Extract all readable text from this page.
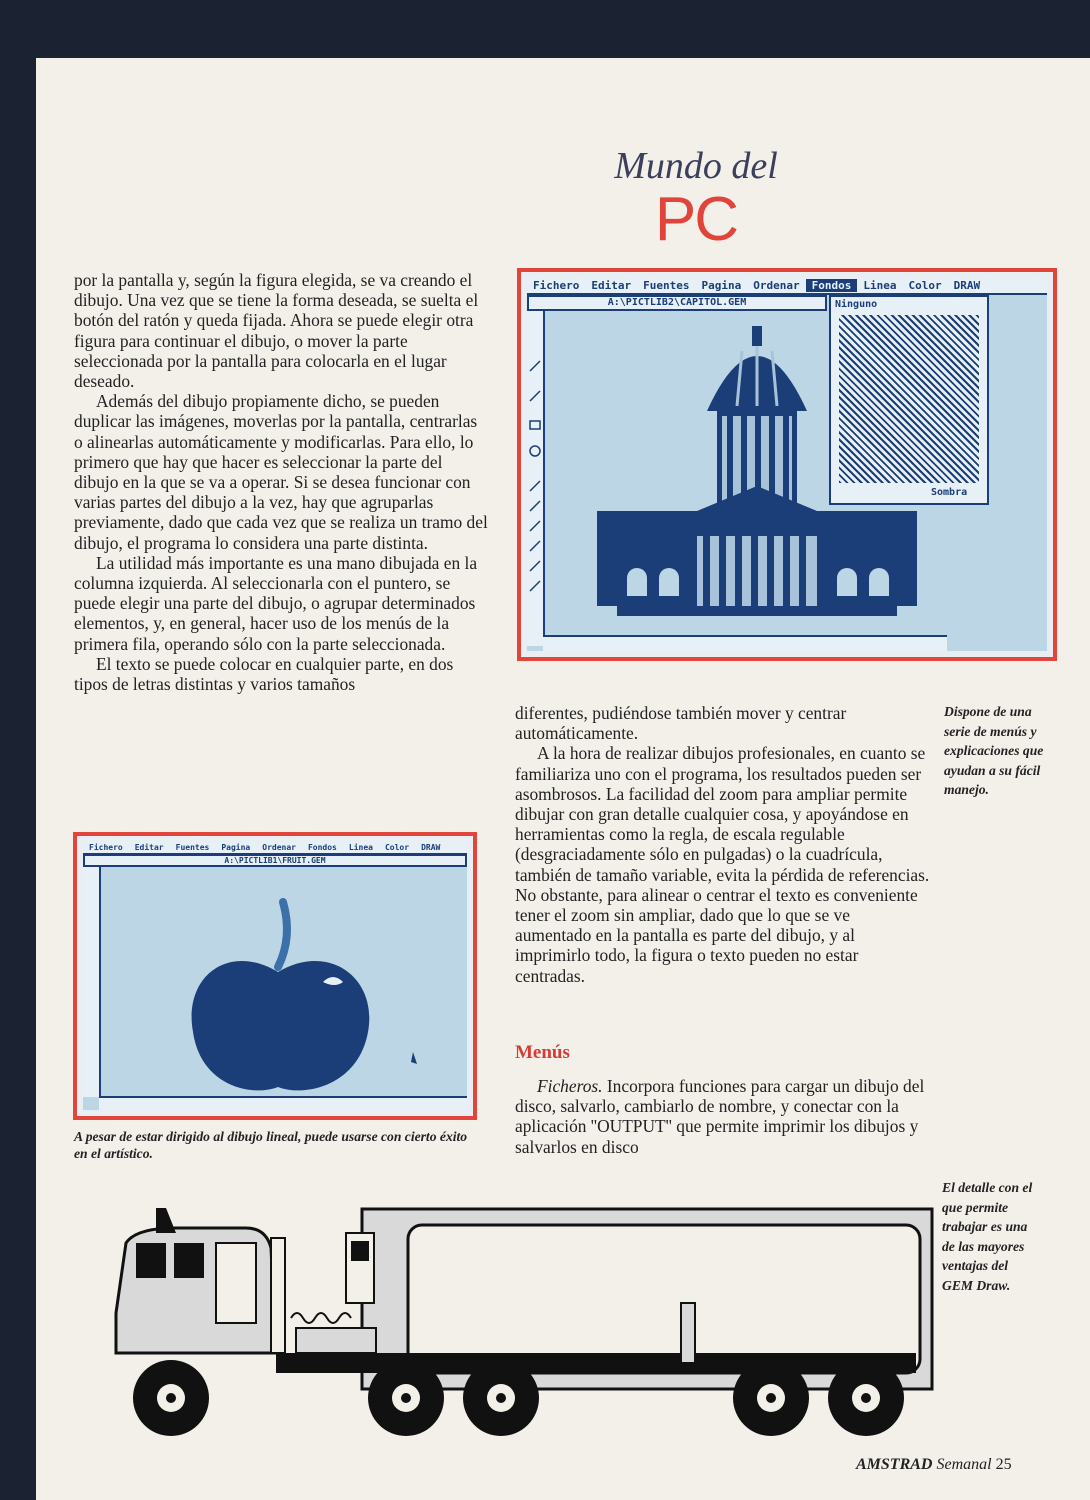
Mundo del
PC

por la pantalla y, según la figura elegida, se va creando el dibujo. Una vez que se tiene la forma deseada, se suelta el botón del ratón y queda fijada. Ahora se puede elegir otra figura para continuar el dibujo, o mover la parte seleccionada por la pantalla para colocarla en el lugar deseado.

Además del dibujo propiamente dicho, se pueden duplicar las imágenes, moverlas por la pantalla, centrarlas o alinearlas automáticamente y modificarlas. Para ello, lo primero que hay que hacer es seleccionar la parte del dibujo en la que se va a operar. Si se desea funcionar con varias partes del dibujo a la vez, hay que agruparlas previamente, dado que cada vez que se realiza un tramo del dibujo, el programa lo considera una parte distinta.

La utilidad más importante es una mano dibujada en la columna izquierda. Al seleccionarla con el puntero, se puede elegir una parte del dibujo, o agrupar determinados elementos, y, en general, hacer uso de los menús de la primera fila, operando sólo con la parte seleccionada.

El texto se puede colocar en cualquier parte, en dos tipos de letras distintas y varios tamaños

Fichero	Editar	Fuentes	Pagina	Ordenar	Fondos	Linea	Color	DRAW
A:\PICTLIB2\CAPITOL.GEM	Ninguno
Sombra
Dispone de una serie de menús y explicaciones que ayudan a su fácil manejo.

diferentes, pudiéndose también mover y centrar automáticamente.

A la hora de realizar dibujos profesionales, en cuanto se familiariza uno con el programa, los resultados pueden ser asombrosos. La facilidad del zoom para ampliar permite dibujar con gran detalle cualquier cosa, y apoyándose en herramientas como la regla, de escala regulable (desgraciadamente sólo en pulgadas) o la cuadrícula, también de tamaño variable, evita la pérdida de referencias. No obstante, para alinear o centrar el texto es conveniente tener el zoom sin ampliar, dado que lo que se ve aumentado en la pantalla es parte del dibujo, y al imprimirlo todo, la figura o texto pueden no estar centradas.

Menús

Ficheros. Incorpora funciones para cargar un dibujo del disco, salvarlo, cambiarlo de nombre, y conectar con la aplicación ''OUTPUT'' que permite imprimir los dibujos y salvarlos en disco

Fichero	Editar	Fuentes	Pagina	Ordenar	Fondos	Linea	Color	DRAW
A:\PICTLIB1\FRUIT.GEM
A pesar de estar dirigido al dibujo lineal, puede usarse con cierto éxito en el artístico.
El detalle con el que permite trabajar es una de las mayores ventajas del GEM Draw.
AMSTRAD Semanal 25
